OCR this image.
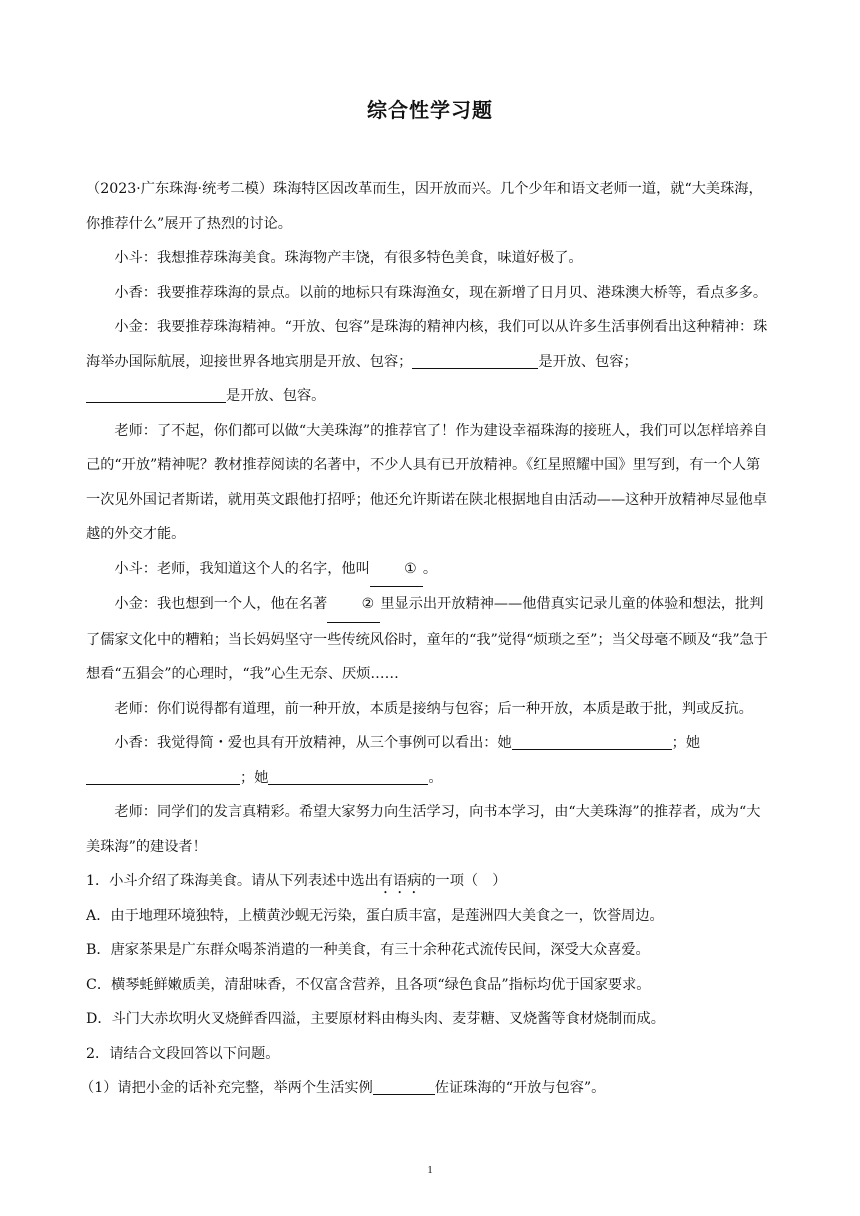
综合性学习题

（2023·广东珠海·统考二模）珠海特区因改革而生，因开放而兴。几个少年和语文老师一道，就“大美珠海，你推荐什么”展开了热烈的讨论。

小斗：我想推荐珠海美食。珠海物产丰饶，有很多特色美食，味道好极了。

小香：我要推荐珠海的景点。以前的地标只有珠海渔女，现在新增了日月贝、港珠澳大桥等，看点多多。

小金：我要推荐珠海精神。“开放、包容”是珠海的精神内核，我们可以从许多生活事例看出这种精神：珠海举办国际航展，迎接世界各地宾朋是开放、包容；	是开放、包容；
是开放、包容。

老师：了不起，你们都可以做“大美珠海”的推荐官了！作为建设幸福珠海的接班人，我们可以怎样培养自己的“开放”精神呢？教材推荐阅读的名著中，不少人具有已开放精神。《红星照耀中国》里写到，有一个人第一次见外国记者斯诺，就用英文跟他打招呼；他还允许斯诺在陕北根据地自由活动——这种开放精神尽显他卓越的外交才能。

小斗：老师，我知道这个人的名字，他叫 ① 。

小金：我也想到一个人，他在名著 ② 里显示出开放精神——他借真实记录儿童的体验和想法，批判了儒家文化中的糟粕；当长妈妈坚守一些传统风俗时，童年的“我”觉得“烦琐之至”；当父母毫不顾及“我”急于想看“五猖会”的心理时，“我”心生无奈、厌烦……

老师：你们说得都有道理，前一种开放，本质是接纳与包容；后一种开放，本质是敢于批，判或反抗。

小香：我觉得简・爱也具有开放精神，从三个事例可以看出：她	；她
；她	。

老师：同学们的发言真精彩。希望大家努力向生活学习，向书本学习，由“大美珠海”的推荐者，成为“大美珠海”的建设者！

1．小斗介绍了珠海美食。请从下列表述中选出有语病的一项（　）

A．由于地理环境独特，上横黄沙蚬无污染，蛋白质丰富，是莲洲四大美食之一，饮誉周边。

B．唐家茶果是广东群众喝茶消遣的一种美食，有三十余种花式流传民间，深受大众喜爱。

C．横琴蚝鲜嫩质美，清甜味香，不仅富含营养，且各项“绿色食品”指标均优于国家要求。

D．斗门大赤坎明火叉烧鲜香四溢，主要原材料由梅头肉、麦芽糖、叉烧酱等食材烧制而成。

2．请结合文段回答以下问题。

（1）请把小金的话补充完整，举两个生活实例	佐证珠海的“开放与包容”。

1
